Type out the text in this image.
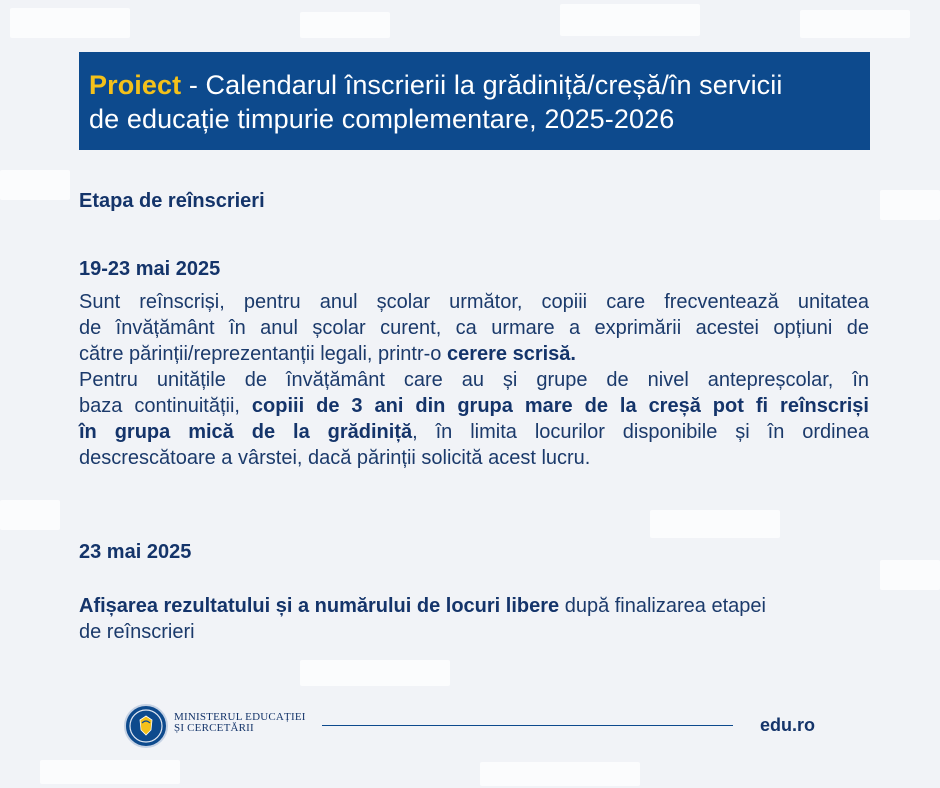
Proiect - Calendarul înscrierii la grădiniță/creșă/în servicii
de educație timpurie complementare, 2025-2026
Etapa de reînscrieri
19-23 mai 2025
Sunt reînscriși, pentru anul școlar următor, copiii care frecventează unitatea
de învățământ în anul școlar curent, ca urmare a exprimării acestei opțiuni de
către părinții/reprezentanții legali, printr-o cerere scrisă.
Pentru unitățile de învățământ care au și grupe de nivel antepreșcolar, în
baza continuității, copiii de 3 ani din grupa mare de la creșă pot fi reînscriși
în grupa mică de la grădiniță, în limita locurilor disponibile și în ordinea
descrescătoare a vârstei, dacă părinții solicită acest lucru.
23 mai 2025
Afișarea rezultatului și a numărului de locuri libere după finalizarea etapei
de reînscrieri
MINISTERUL EDUCAȚIEI
ȘI CERCETĂRII	edu.ro
